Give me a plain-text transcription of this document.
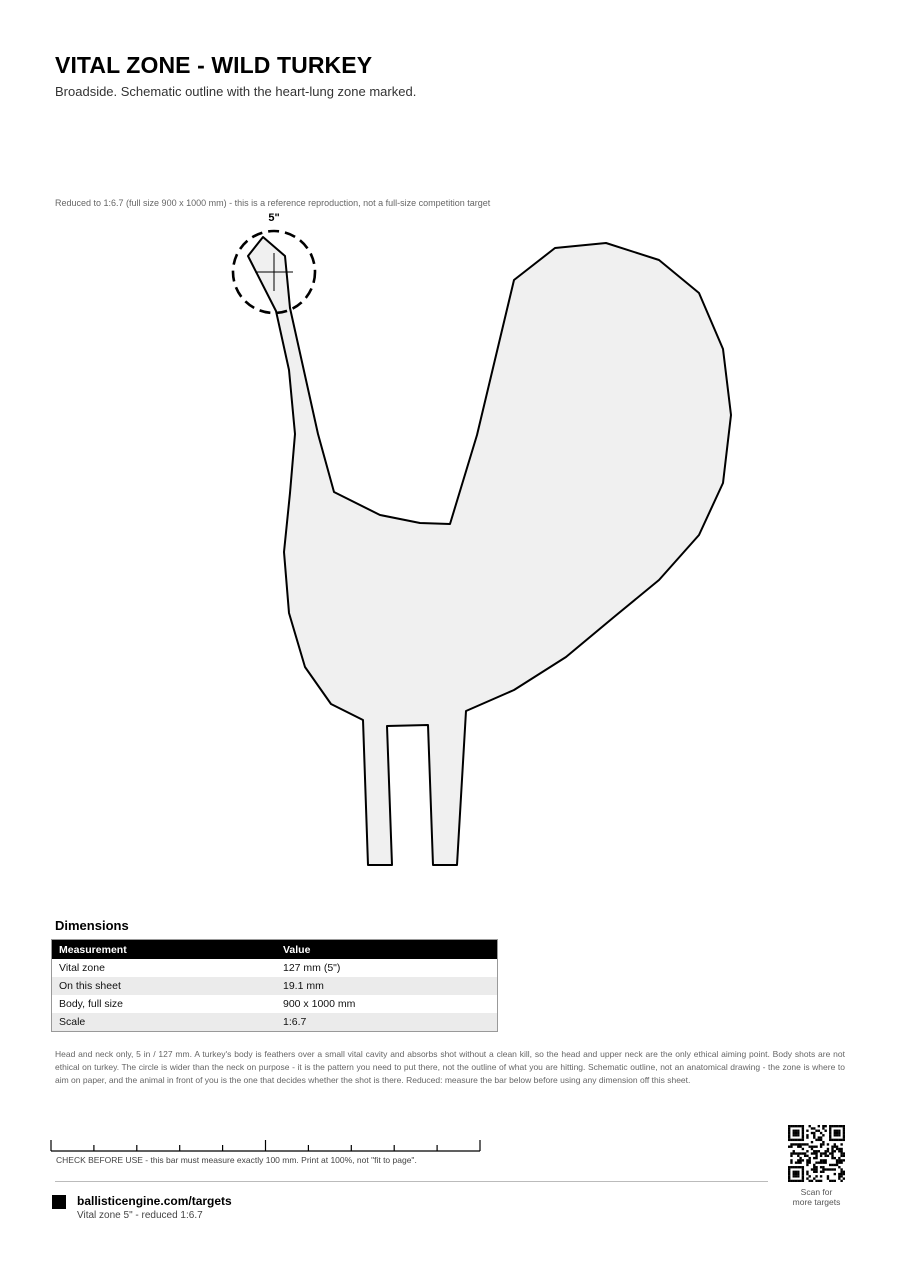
VITAL ZONE - WILD TURKEY
Broadside. Schematic outline with the heart-lung zone marked.
Reduced to 1:6.7 (full size 900 x 1000 mm) - this is a reference reproduction, not a full-size competition target
5"
Dimensions
Measurement	Value
Vital zone	127 mm (5")
On this sheet	19.1 mm
Body, full size	900 x 1000 mm
Scale	1:6.7

Head and neck only, 5 in / 127 mm. A turkey's body is feathers over a small vital cavity and absorbs shot without a clean kill, so the head and upper neck are the only ethical aiming point. Body shots are not ethical on turkey. The circle is wider than the neck on purpose - it is the pattern you need to put there, not the outline of what you are hitting. Schematic outline, not an anatomical drawing - the zone is where to aim on paper, and the animal in front of you is the one that decides whether the shot is there. Reduced: measure the bar below before using any dimension off this sheet.

CHECK BEFORE USE - this bar must measure exactly 100 mm. Print at 100%, not "fit to page".
ballisticengine.com/targets
Vital zone 5" - reduced 1:6.7
Scan for
more targets
